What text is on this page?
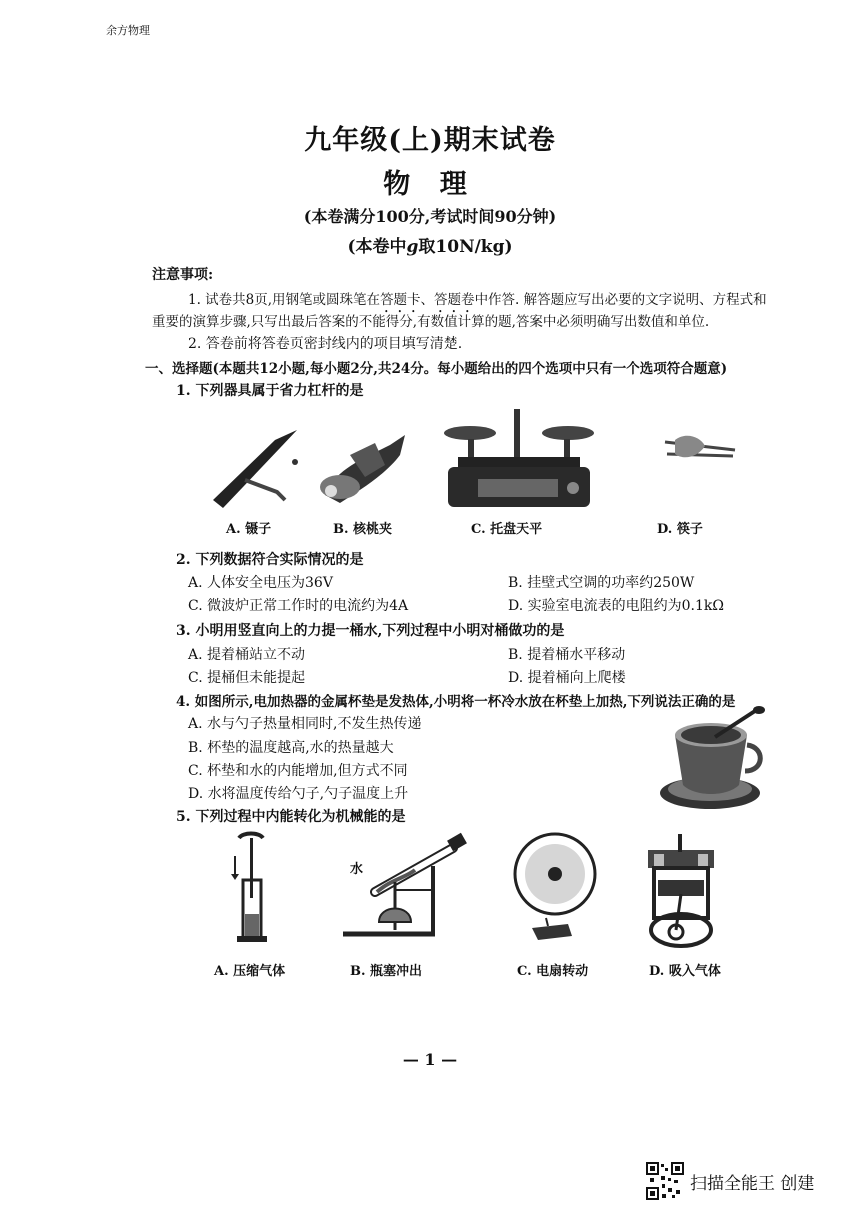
余方物理
九年级(上)期末试卷
物 理
(本卷满分100分,考试时间90分钟)
(本卷中g取10N/kg)
注意事项:
1. 试卷共8页,用钢笔或圆珠笔在答题卡、答题卷中作答. 解答题应写出必要的文字说明、方程式和
重要的演算步骤,只写出最后答案的不能得分,有数值计算的题,答案中必须明确写出数值和单位.
2. 答卷前将答卷页密封线内的项目填写清楚.
一、选择题(本题共12小题,每小题2分,共24分。每小题给出的四个选项中只有一个选项符合题意)
1. 下列器具属于省力杠杆的是
A. 镊子	B. 核桃夹	C. 托盘天平	D. 筷子
2. 下列数据符合实际情况的是
A. 人体安全电压为36V	B. 挂壁式空调的功率约250W
C. 微波炉正常工作时的电流约为4A	D. 实验室电流表的电阻约为0.1kΩ
3. 小明用竖直向上的力提一桶水,下列过程中小明对桶做功的是
A. 提着桶站立不动	B. 提着桶水平移动
C. 提桶但未能提起	D. 提着桶向上爬楼
4. 如图所示,电加热器的金属杯垫是发热体,小明将一杯冷水放在杯垫上加热,下列说法正确的是
A. 水与勺子热量相同时,不发生热传递
B. 杯垫的温度越高,水的热量越大
C. 杯垫和水的内能增加,但方式不同
D. 水将温度传给勺子,勺子温度上升
5. 下列过程中内能转化为机械能的是
水
A. 压缩气体	B. 瓶塞冲出	C. 电扇转动	D. 吸入气体
— 1 —
扫描全能王 创建
